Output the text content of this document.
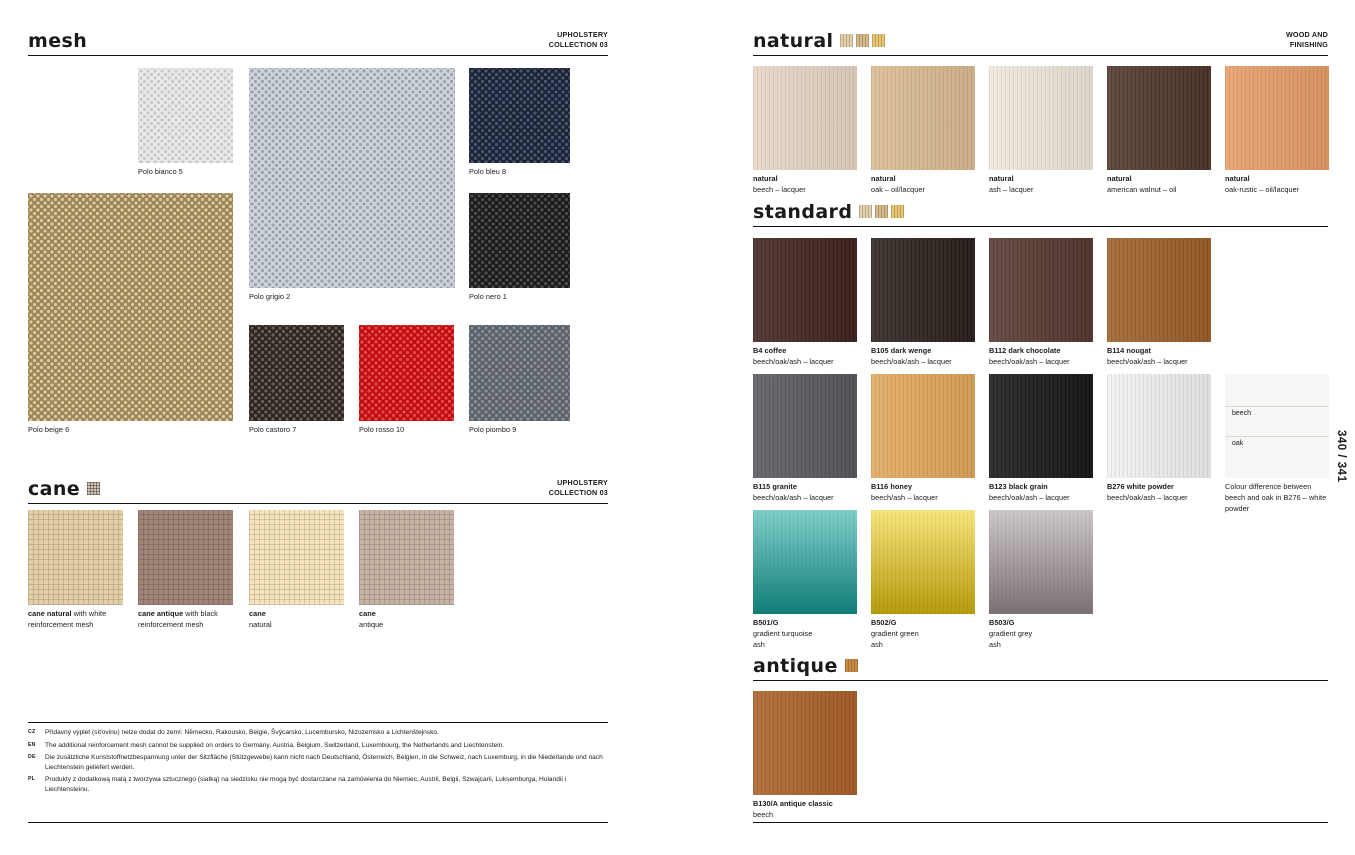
mesh	UPHOLSTERY
COLLECTION 03
Polo bianco 5
Polo grigio 2
Polo bleu 8
Polo nero 1
Polo beige 6	Polo castoro 7	Polo rosso 10	Polo piombo 9
cane	UPHOLSTERY
COLLECTION 03
cane natural with white
reinforcement mesh
cane antique with black
reinforcement mesh
cane
natural
cane
antique
CZ	Přídavný výplet (síťovinu) nelze dodat do zemí: Německo, Rakousko, Belgie, Švýcarsko, Lucembursko, Nizozemsko a Lichtenštejnsko.
EN	The additional reinforcement mesh cannot be supplied on orders to Germany, Austria, Belgium, Switzerland, Luxembourg, the Netherlands and Liechtenstein.
DE	Die zusätzliche Kunststoffnetzbespannung unter der Sitzfläche (Stützgewebe) kann nicht nach Deutschland, Österreich, Belgien, in die Schweiz, nach Luxemburg, in die Niederlande und nach Liechtenstein geliefert werden.
PL	Produkty z dodatkową matą z tworzywa sztucznego (siatką) na siedzisku nie mogą być dostarczane na zamówienia do Niemiec, Austrii, Belgii, Szwajcarii, Luksemburga, Holandii i Liechtensteinu.
natural	WOOD AND
FINISHING
natural
beech – lacquer
natural
oak – oil/lacquer
natural
ash – lacquer
natural
american walnut – oil
natural
oak-rustic – oil/lacquer
standard
B4 coffee
beech/oak/ash – lacquer
B105 dark wenge
beech/oak/ash – lacquer
B112 dark chocolate
beech/oak/ash – lacquer
B114 nougat
beech/oak/ash – lacquer
B115 granite
beech/oak/ash – lacquer
B116 honey
beech/ash – lacquer
B123 black grain
beech/oak/ash – lacquer
B276 white powder
beech/oak/ash – lacquer
beech
oak
Colour difference between beech and oak in B276 – white powder
B501/G
gradient turquoise
ash
B502/G
gradient green
ash
B503/G
gradient grey
ash
antique
B130/A antique classic
beech
340 / 341
